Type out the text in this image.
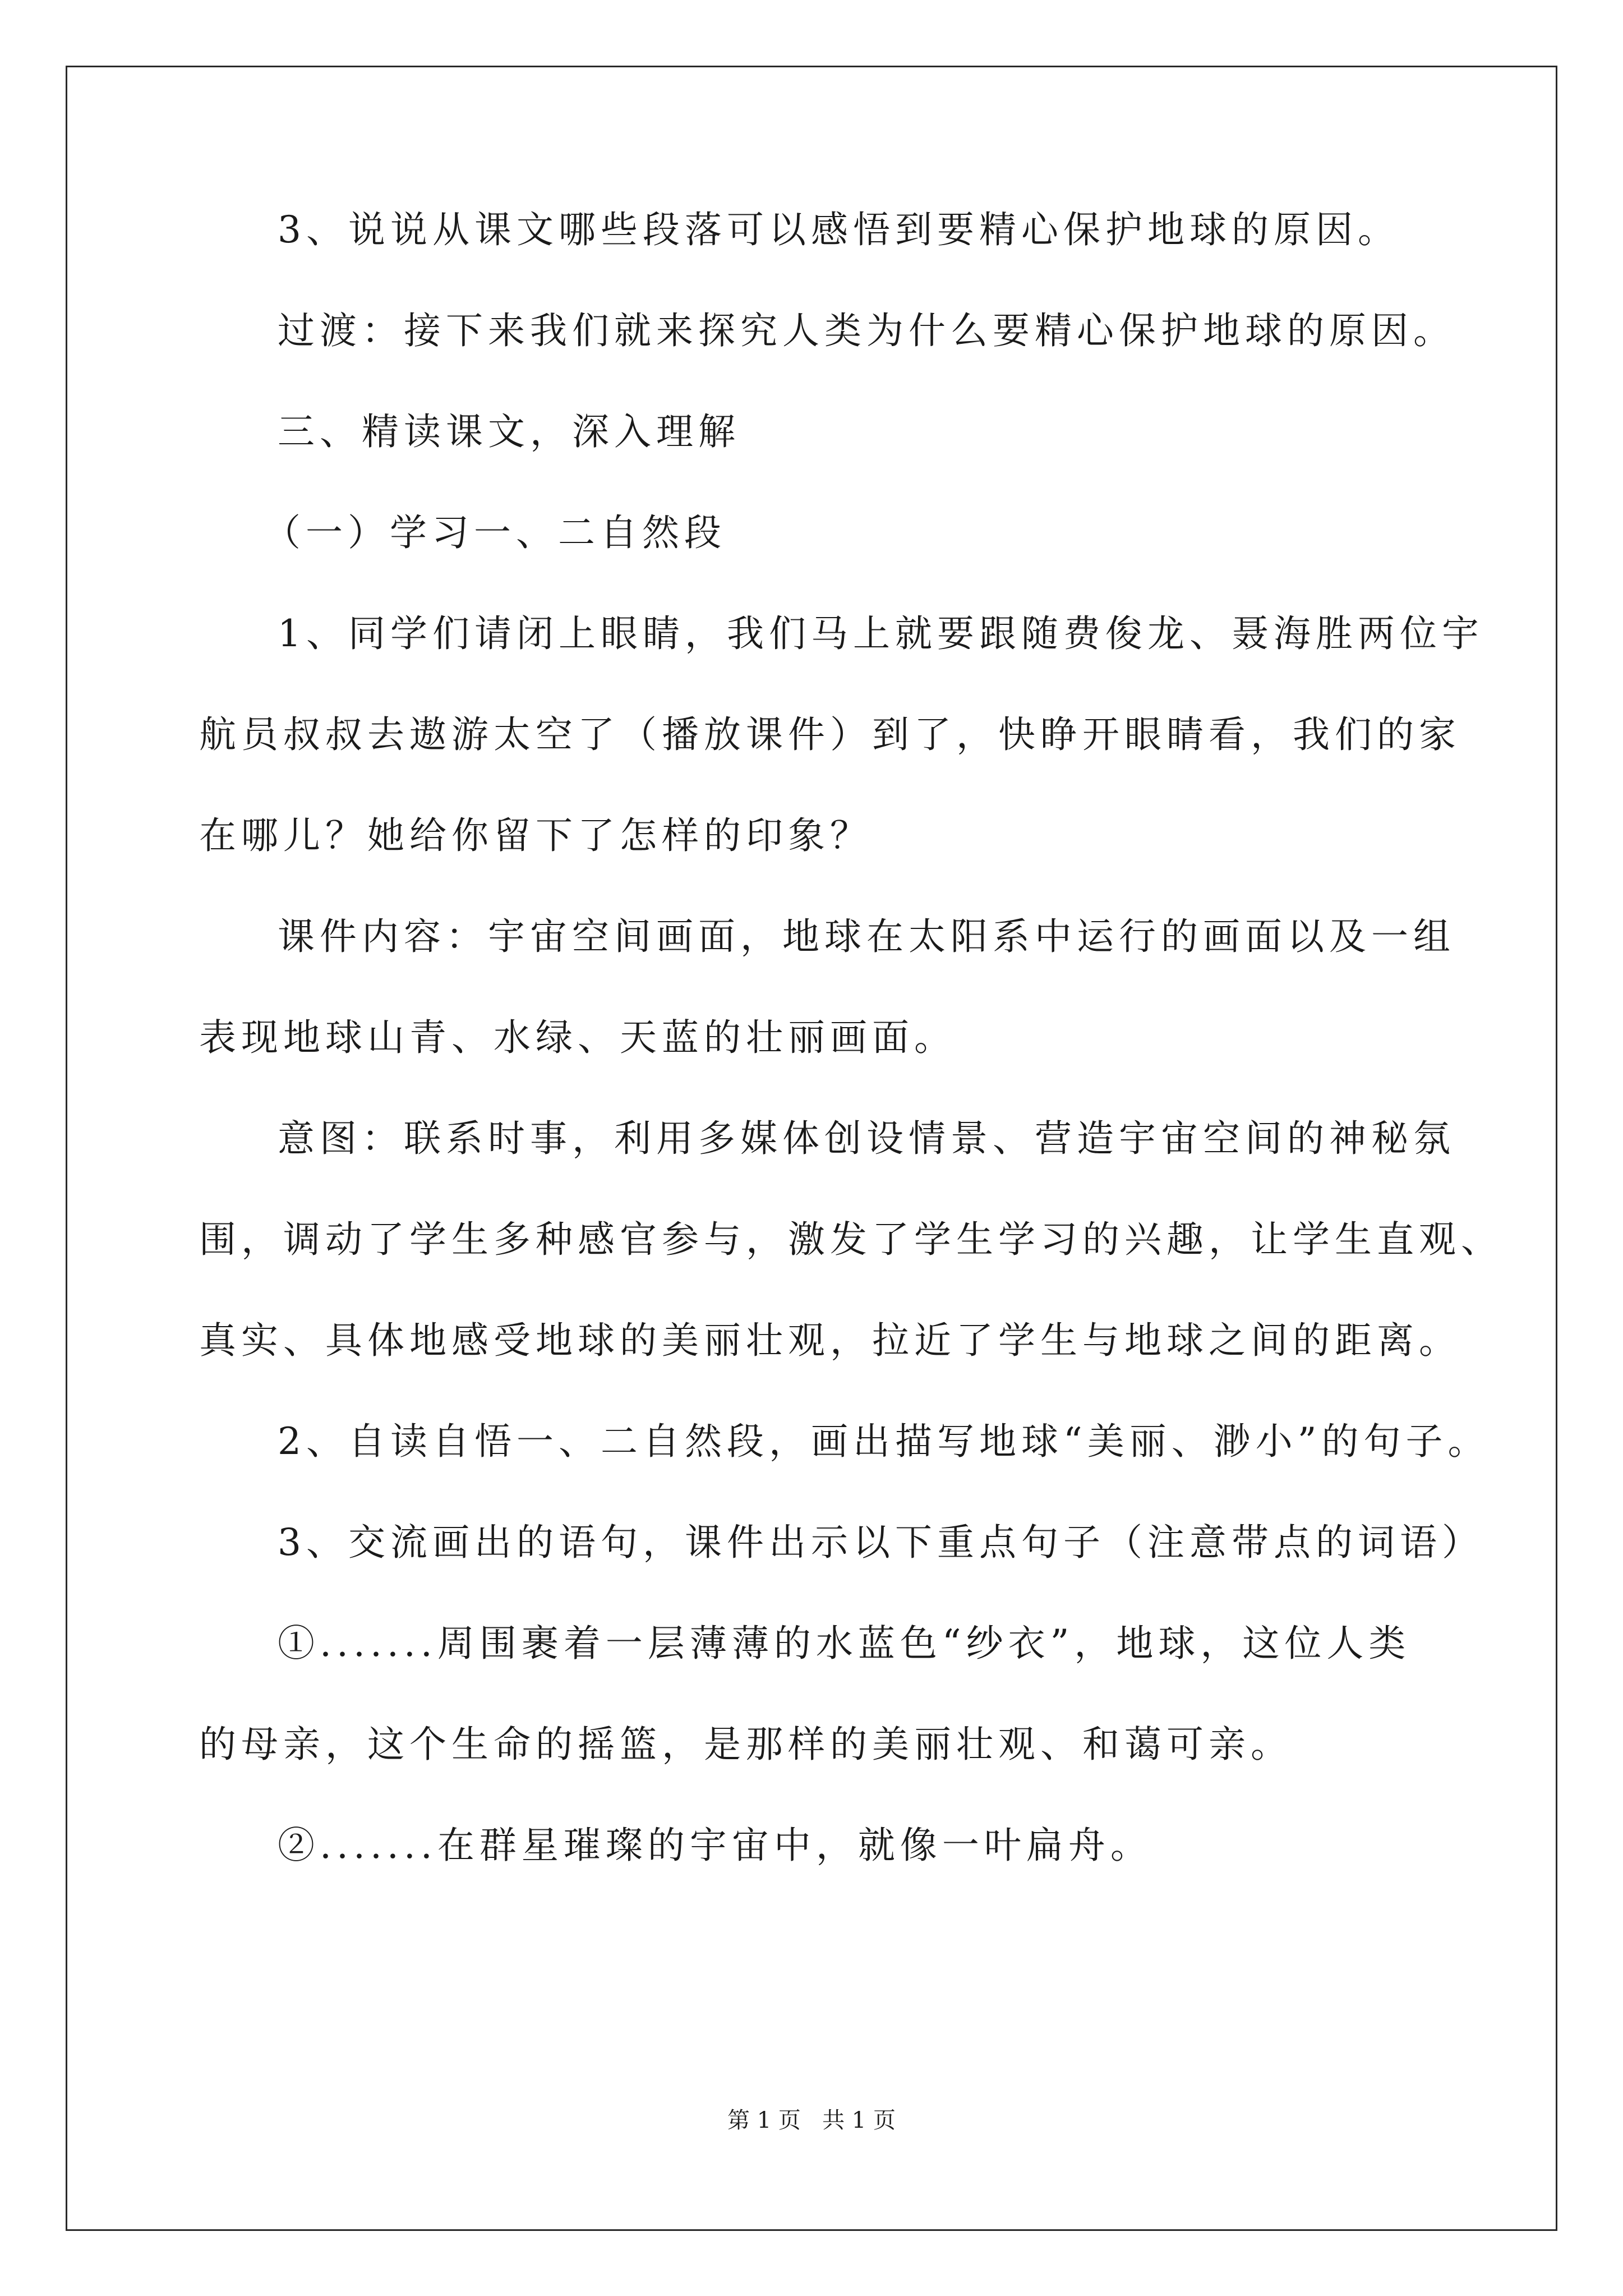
3、说说从课文哪些段落可以感悟到要精心保护地球的原因。
过渡：接下来我们就来探究人类为什么要精心保护地球的原因。
三、精读课文，深入理解
（一）学习一、二自然段
1、同学们请闭上眼睛，我们马上就要跟随费俊龙、聂海胜两位宇
航员叔叔去遨游太空了（播放课件）到了，快睁开眼睛看，我们的家
在哪儿？她给你留下了怎样的印象？
课件内容：宇宙空间画面，地球在太阳系中运行的画面以及一组
表现地球山青、水绿、天蓝的壮丽画面。
意图：联系时事，利用多媒体创设情景、营造宇宙空间的神秘氛
围，调动了学生多种感官参与，激发了学生学习的兴趣，让学生直观、
真实、具体地感受地球的美丽壮观，拉近了学生与地球之间的距离。
2、自读自悟一、二自然段，画出描写地球“美丽、渺小”的句子。
3、交流画出的语句，课件出示以下重点句子（注意带点的词语）
①.......周围裹着一层薄薄的水蓝色“纱衣”，地球，这位人类
的母亲，这个生命的摇篮，是那样的美丽壮观、和蔼可亲。
②.......在群星璀璨的宇宙中，就像一叶扁舟。
第 1 页   共 1 页
